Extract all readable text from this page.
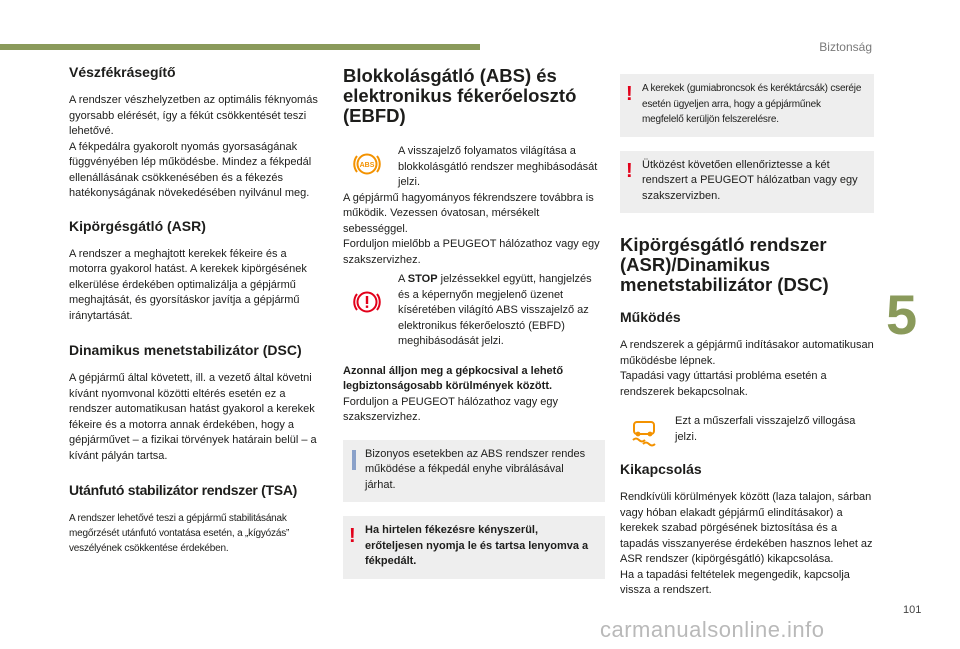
Biztonság
5
101
carmanualsonline.info
Vészfékrásegítő

A rendszer vészhelyzetben az optimális féknyomás gyorsabb elérését, így a fékút csökkentését teszi lehetővé.

A fékpedálra gyakorolt nyomás gyorsaságának függvényében lép működésbe. Mindez a fékpedál ellenállásának csökkenésében és a fékezés hatékonyságának növekedésében nyilvánul meg.

Kipörgésgátló (ASR)

A rendszer a meghajtott kerekek fékeire és a motorra gyakorol hatást. A kerekek kipörgésének elkerülése érdekében optimalizálja a gépjármű meghajtását, és gyorsításkor javítja a gépjármű iránytartását.

Dinamikus menetstabilizátor (DSC)

A gépjármű által követett, ill. a vezető által követni kívánt nyomvonal közötti eltérés esetén ez a rendszer automatikusan hatást gyakorol a kerekek fékeire és a motorra annak érdekében, hogy a gépjárművet – a fizikai törvények határain belül – a kívánt pályán tartsa.

Utánfutó stabilizátor rendszer (TSA)

A rendszer lehetővé teszi a gépjármű stabilitásának megőrzését utánfutó vontatása esetén, a „kígyózás” veszélyének csökkentése érdekében.

Blokkolásgátló (ABS) és elektronikus fékerőelosztó (EBFD)
ABS

A visszajelző folyamatos világítása a blokkolásgátló rendszer meghibásodását jelzi.

A gépjármű hagyományos fékrendszere továbbra is működik. Vezessen óvatosan, mérsékelt sebességgel.

Forduljon mielőbb a PEUGEOT hálózathoz vagy egy szakszervizhez.

A STOP jelzéssekkel együtt, hangjelzés és a képernyőn megjelenő üzenet kíséretében világító ABS visszajelző az elektronikus fékerőelosztó (EBFD) meghibásodását jelzi.

Azonnal álljon meg a gépkocsival a lehető legbiztonságosabb körülmények között.

Forduljon a PEUGEOT hálózathoz vagy egy szakszervizhez.

Bizonyos esetekben az ABS rendszer rendes működése a fékpedál enyhe vibrálásával járhat.

! Ha hirtelen fékezésre kényszerül, erőteljesen nyomja le és tartsa lenyomva a fékpedált.

! A kerekek (gumiabroncsok és keréktárcsák) cseréje esetén ügyeljen arra, hogy a gépjárműnek megfelelő kerüljön felszerelésre.

! Ütközést követően ellenőriztesse a két rendszert a PEUGEOT hálózatban vagy egy szakszervizben.

Kipörgésgátló rendszer (ASR)/Dinamikus menetstabilizátor (DSC)
Működés

A rendszerek a gépjármű indításakor automatikusan működésbe lépnek.

Tapadási vagy úttartási probléma esetén a rendszerek bekapcsolnak.

Ezt a műszerfali visszajelző villogása jelzi.

Kikapcsolás

Rendkívüli körülmények között (laza talajon, sárban vagy hóban elakadt gépjármű elindításakor) a kerekek szabad pörgésének biztosítása és a tapadás visszanyerése érdekében hasznos lehet az ASR rendszer (kipörgésgátló) kikapcsolása.

Ha a tapadási feltételek megengedik, kapcsolja vissza a rendszert.
